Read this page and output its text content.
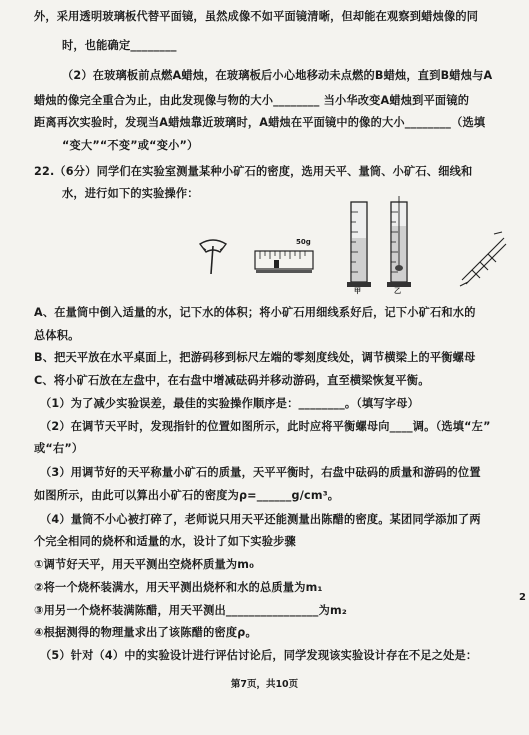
外，采用透明玻璃板代替平面镜，虽然成像不如平面镜清晰，但却能在观察到蜡烛像的同
时，也能确定________
（2）在玻璃板前点燃A蜡烛，在玻璃板后小心地移动未点燃的B蜡烛，直到B蜡烛与A
蜡烛的像完全重合为止，由此发现像与物的大小________ 当小华改变A蜡烛到平面镜的
距离再次实验时，发现当A蜡烛靠近玻璃时，A蜡烛在平面镜中的像的大小________（选填
“变大”“不变”或“变小”）
22.（6分）同学们在实验室测量某种小矿石的密度，选用天平、量筒、小矿石、细线和
水，进行如下的实验操作：
50g
甲	乙
A、在量筒中倒入适量的水，记下水的体积；将小矿石用细线系好后，记下小矿石和水的
总体积。
B、把天平放在水平桌面上，把游码移到标尺左端的零刻度线处，调节横梁上的平衡螺母
C、将小矿石放在左盘中，在右盘中增减砝码并移动游码，直至横梁恢复平衡。
（1）为了减少实验误差，最佳的实验操作顺序是：________。（填写字母）
（2）在调节天平时，发现指针的位置如图所示，此时应将平衡螺母向____调。（选填“左”
或“右”）
（3）用调节好的天平称量小矿石的质量，天平平衡时，右盘中砝码的质量和游码的位置
如图所示，由此可以算出小矿石的密度为ρ=______g/cm³。
（4）量筒不小心被打碎了，老师说只用天平还能测量出陈醋的密度。某团同学添加了两
个完全相同的烧杯和适量的水，设计了如下实验步骤
①调节好天平，用天平测出空烧杯质量为m₀
②将一个烧杯装满水，用天平测出烧杯和水的总质量为m₁
③用另一个烧杯装满陈醋，用天平测出________________为m₂
④根据测得的物理量求出了该陈醋的密度ρ。
（5）针对（4）中的实验设计进行评估讨论后，同学发现该实验设计存在不足之处是：
2
第7页，共10页
